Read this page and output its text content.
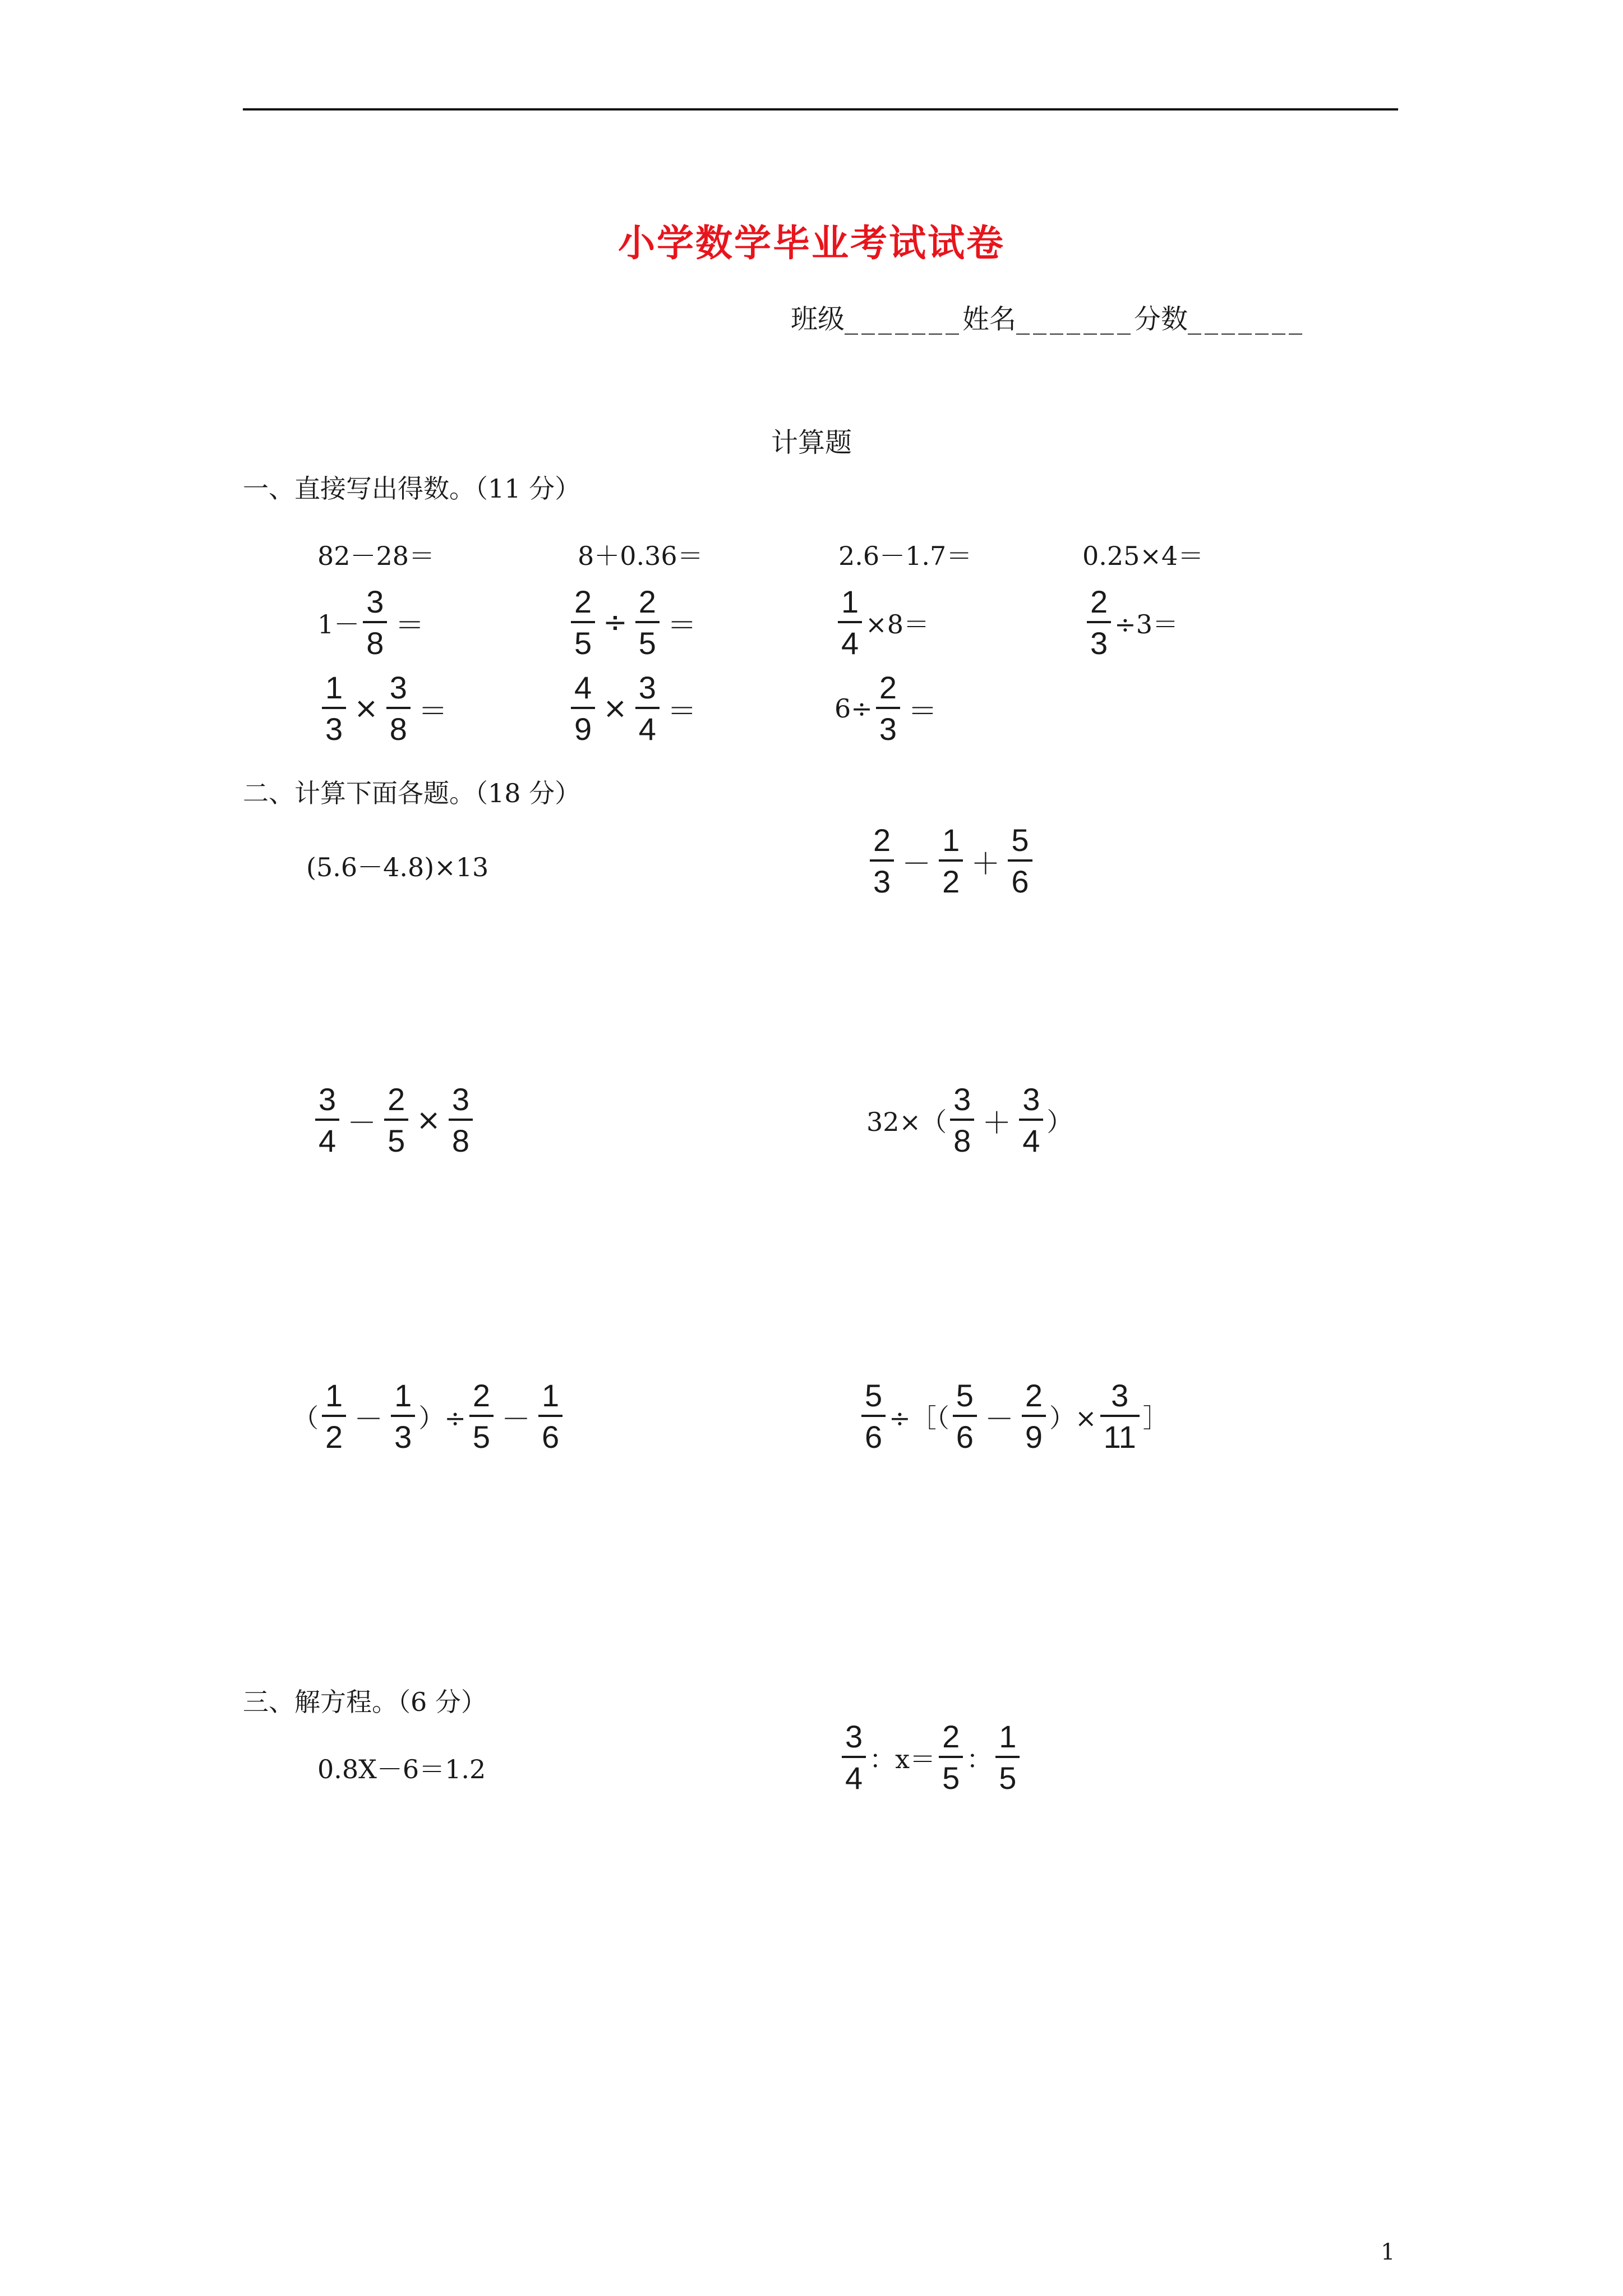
小学数学毕业考试试卷
班级_______姓名_______分数_______
计算题
一、直接写出得数。（11 分）
82－28＝	8＋0.36＝	2.6－1.7＝	0.25×4＝
$1- \frac{3}{8}$ ＝	$\frac{2}{5} \div \frac{2}{5}$ ＝	$\frac{1}{4} \times 8=$	$\frac{2}{3} \div 3=$
$\frac{1}{3} \times \frac{3}{8}$ ＝	$\frac{4}{9} \times \frac{3}{4}$ ＝	$6\div \frac{2}{3}$ ＝
二、计算下面各题。（18 分）
(5.6－4.8)×13	$\frac{2}{3} - \frac{1}{2} + \frac{5}{6}$
$\frac{3}{4} - \frac{2}{5} \times \frac{3}{8}$	$32\times( \frac{3}{8} + \frac{3}{4}$ ）
（ $\frac{1}{2} - \frac{1}{3}$ ）÷ $\frac{2}{5} - \frac{1}{6}$	$\frac{5}{6}$ ÷［（ $\frac{5}{6} - \frac{2}{9}$ ）× $\frac{3}{11}$ ］
三、解方程。（6 分）
0.8X－6＝1.2	$\frac{3}{4}$ ：$x= \frac{2}{5}$ ： $\frac{1}{5}$
1
